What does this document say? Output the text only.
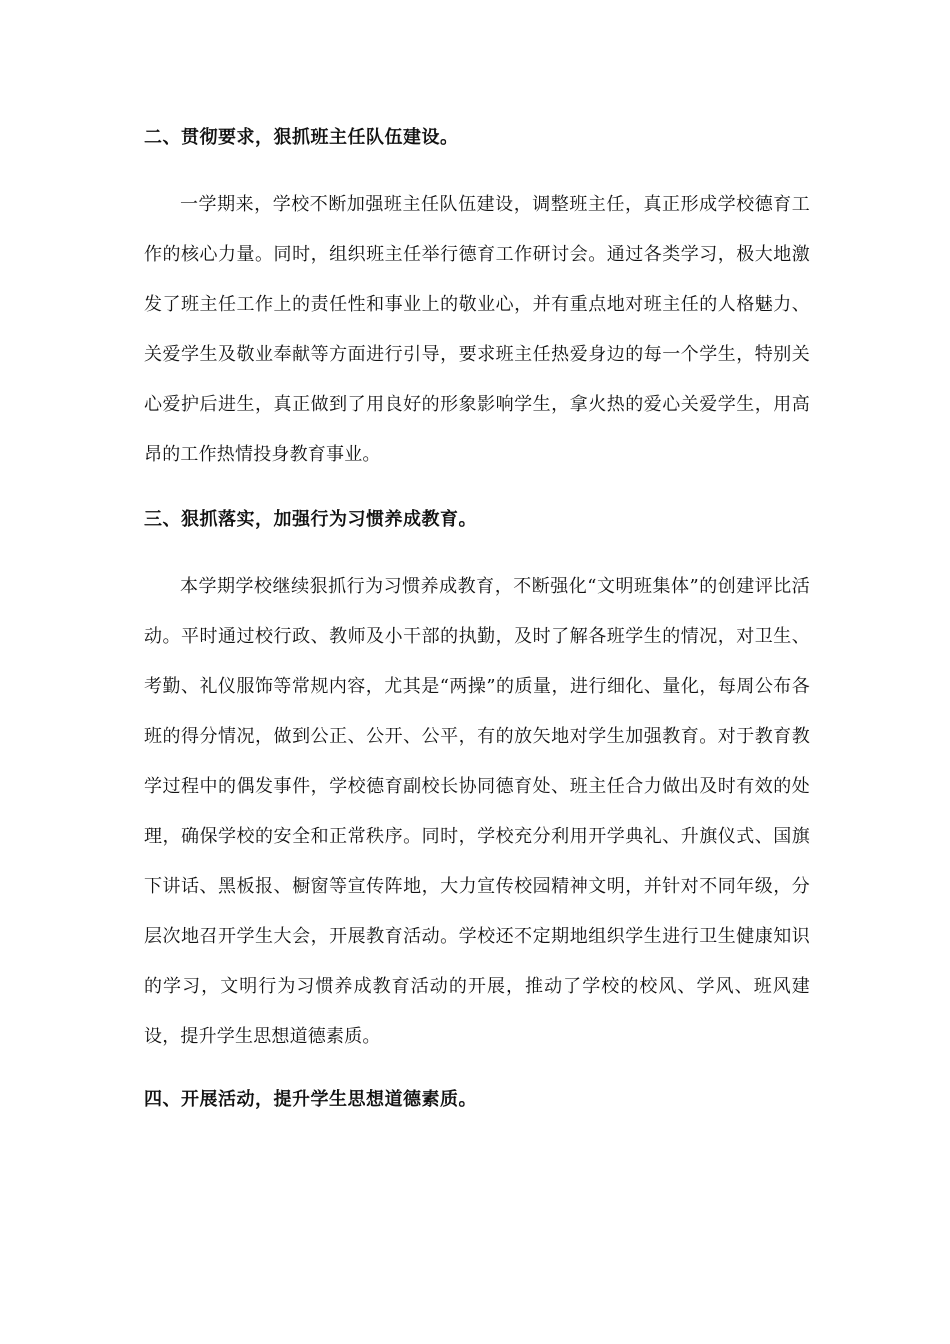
二、贯彻要求，狠抓班主任队伍建设。
一学期来，学校不断加强班主任队伍建设，调整班主任，真正形成学校德育工作的核心力量。同时，组织班主任举行德育工作研讨会。通过各类学习，极大地激发了班主任工作上的责任性和事业上的敬业心，并有重点地对班主任的人格魅力、关爱学生及敬业奉献等方面进行引导，要求班主任热爱身边的每一个学生，特别关心爱护后进生，真正做到了用良好的形象影响学生，拿火热的爱心关爱学生，用高昂的工作热情投身教育事业。
三、狠抓落实，加强行为习惯养成教育。
本学期学校继续狠抓行为习惯养成教育，不断强化“文明班集体”的创建评比活动。平时通过校行政、教师及小干部的执勤，及时了解各班学生的情况，对卫生、考勤、礼仪服饰等常规内容，尤其是“两操”的质量，进行细化、量化，每周公布各班的得分情况，做到公正、公开、公平，有的放矢地对学生加强教育。对于教育教学过程中的偶发事件，学校德育副校长协同德育处、班主任合力做出及时有效的处理，确保学校的安全和正常秩序。同时，学校充分利用开学典礼、升旗仪式、国旗下讲话、黑板报、橱窗等宣传阵地，大力宣传校园精神文明，并针对不同年级，分层次地召开学生大会，开展教育活动。学校还不定期地组织学生进行卫生健康知识的学习，文明行为习惯养成教育活动的开展，推动了学校的校风、学风、班风建设，提升学生思想道德素质。
四、开展活动，提升学生思想道德素质。
